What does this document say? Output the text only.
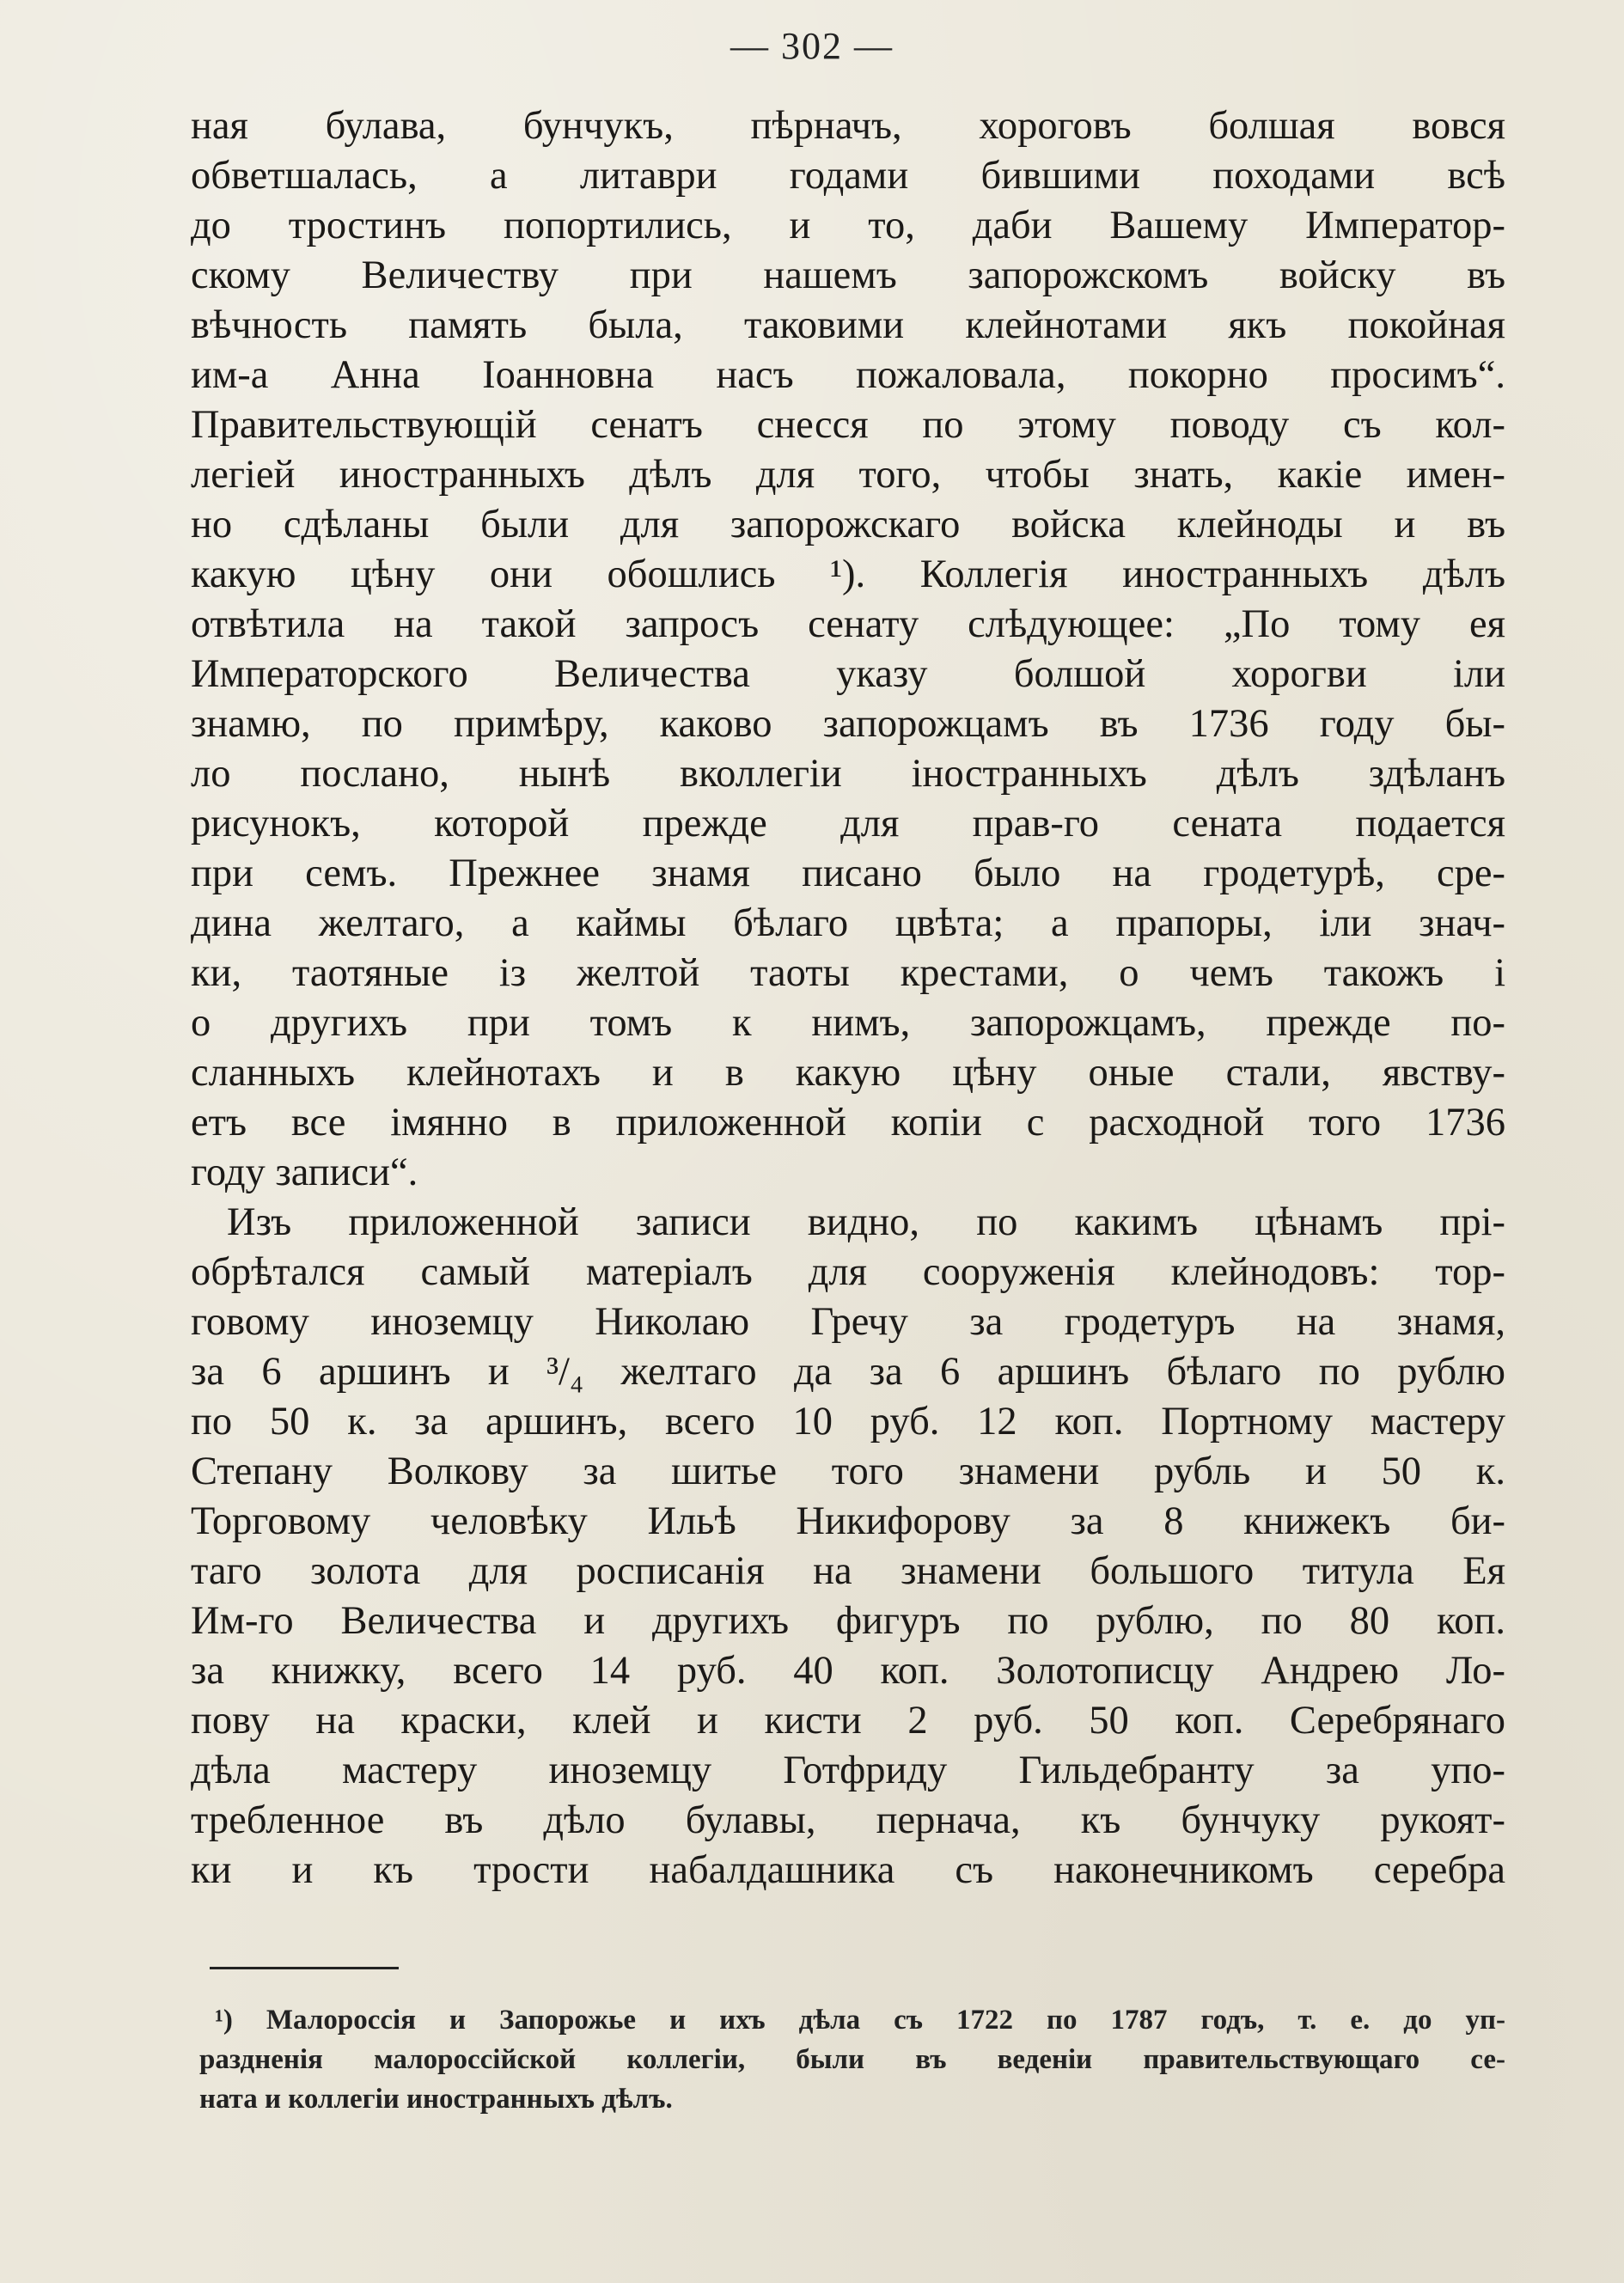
— 302 —
ная булава, бунчукъ, пѣрначъ, хороговъ болшая вовся
обветшалась, а литаври годами бившими походами всѣ
до тростинъ попортились, и то, даби Вашему Император-
скому Величеству при нашемъ запорожскомъ войску въ
вѣчность память была, таковими клейнотами якъ покойная
им-а Анна Іоанновна насъ пожаловала, покорно просимъ“.
Правительствующій сенатъ снесся по этому поводу съ кол-
легіей иностранныхъ дѣлъ для того, чтобы знать, какіе имен-
но сдѣланы были для запорожскаго войска клейноды и въ
какую цѣну они обошлись ¹). Коллегія иностранныхъ дѣлъ
отвѣтила на такой запросъ сенату слѣдующее: „По тому ея
Императорского Величества указу болшой хорогви іли
знамю, по примѣру, каково запорожцамъ въ 1736 году бы-
ло послано, нынѣ вколлегіи іностранныхъ дѣлъ здѣланъ
рисунокъ, которой прежде для прав-го сената подается
при семъ. Прежнее знамя писано было на гродетурѣ, сре-
дина желтаго, а каймы бѣлаго цвѣта; а прапоры, іли знач-
ки, таотяные із желтой таоты крестами, о чемъ такожъ і
о другихъ при томъ к нимъ, запорожцамъ, прежде по-
сланныхъ клейнотахъ и в какую цѣну оные стали, явству-
етъ все імянно в приложенной копіи с расходной того 1736
году записи“.
Изъ приложенной записи видно, по какимъ цѣнамъ прі-
обрѣтался самый матеріалъ для сооруженія клейнодовъ: тор-
говому иноземцу Николаю Гречу за гродетуръ на знамя,
за 6 аршинъ и ³/₄ желтаго да за 6 аршинъ бѣлаго по рублю
по 50 к. за аршинъ, всего 10 руб. 12 коп. Портному мастеру
Степану Волкову за шитье того знамени рубль и 50 к.
Торговому человѣку Ильѣ Никифорову за 8 книжекъ би-
таго золота для росписанія на знамени большого титула Ея
Им-го Величества и другихъ фигуръ по рублю, по 80 коп.
за книжку, всего 14 руб. 40 коп. Золотописцу Андрею Ло-
пову на краски, клей и кисти 2 руб. 50 коп. Серебрянаго
дѣла мастеру иноземцу Готфриду Гильдебранту за упо-
требленное въ дѣло булавы, пернача, къ бунчуку рукоят-
ки и къ трости набалдашника съ наконечникомъ серебра
¹) Малороссія и Запорожье и ихъ дѣла съ 1722 по 1787 годъ, т. е. до уп-
раздненія малороссійской коллегіи, были въ веденіи правительствующаго се-
ната и коллегіи иностранныхъ дѣлъ.
